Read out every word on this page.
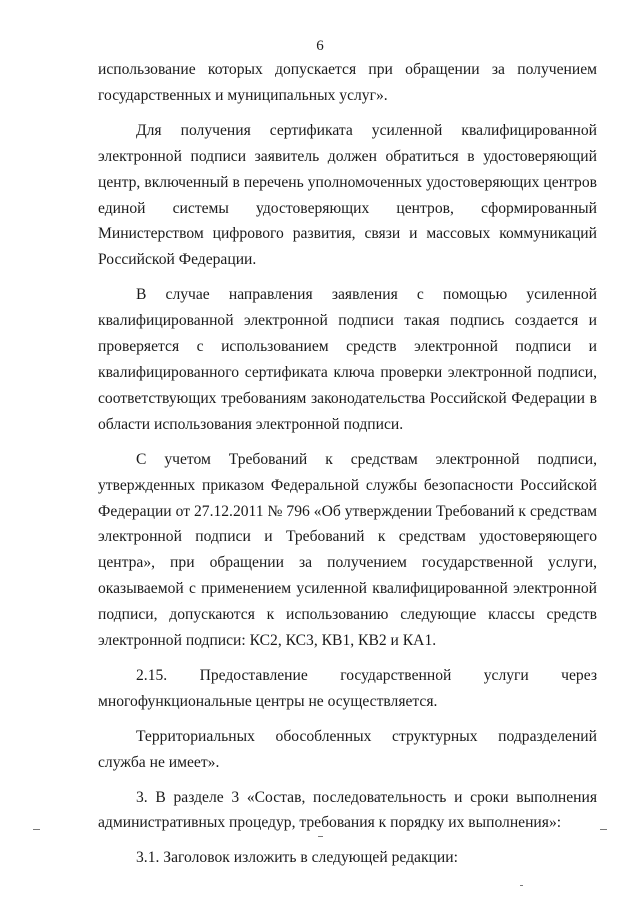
6

использование которых допускается при обращении за получением государственных и муниципальных услуг».

Для получения сертификата усиленной квалифицированной электронной подписи заявитель должен обратиться в удостоверяющий центр, включенный в перечень уполномоченных удостоверяющих центров единой системы удостоверяющих центров, сформированный Министерством цифрового развития, связи и массовых коммуникаций Российской Федерации.

В случае направления заявления с помощью усиленной квалифицированной электронной подписи такая подпись создается и проверяется с использованием средств электронной подписи и квалифицированного сертификата ключа проверки электронной подписи, соответствующих требованиям законодательства Российской Федерации в области использования электронной подписи.

С учетом Требований к средствам электронной подписи, утвержденных приказом Федеральной службы безопасности Российской Федерации от 27.12.2011 № 796 «Об утверждении Требований к средствам электронной подписи и Требований к средствам удостоверяющего центра», при обращении за получением государственной услуги, оказываемой с применением усиленной квалифицированной электронной подписи, допускаются к использованию следующие классы средств электронной подписи: КС2, КС3, КВ1, КВ2 и КА1.

2.15. Предоставление государственной услуги через многофункциональные центры не осуществляется.

Территориальных обособленных структурных подразделений служба не имеет».

3. В разделе 3 «Состав, последовательность и сроки выполнения административных процедур, требования к порядку их выполнения»:

3.1. Заголовок изложить в следующей редакции:
